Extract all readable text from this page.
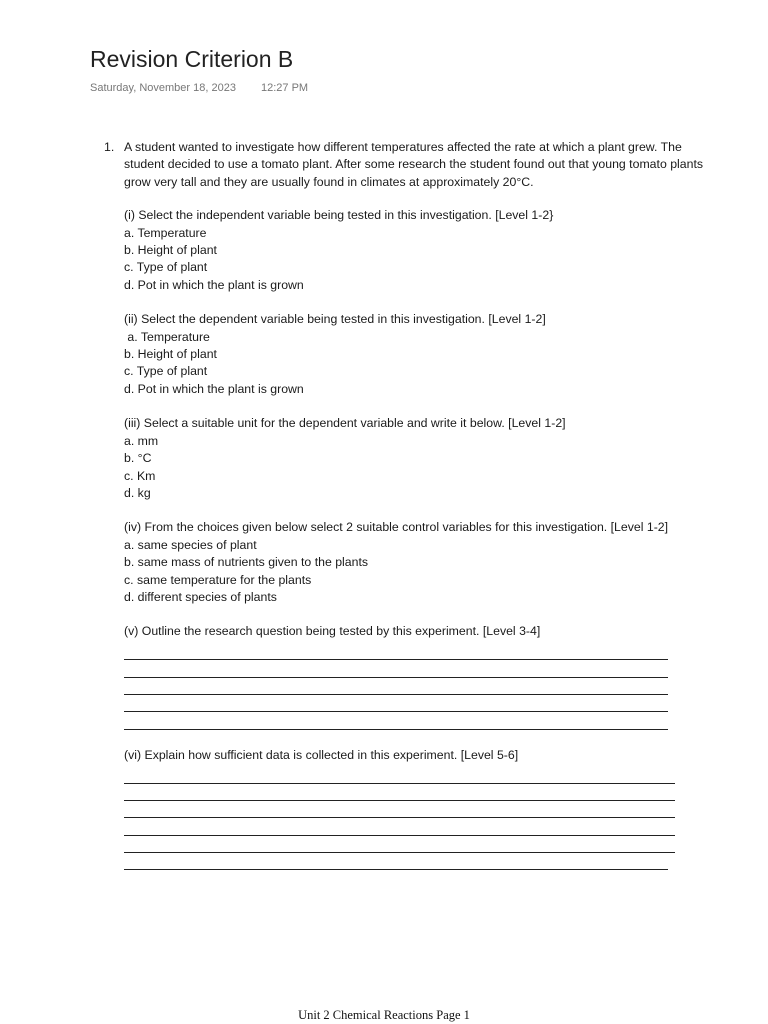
Revision Criterion B
Saturday, November 18, 2023 12:27 PM
1. A student wanted to investigate how different temperatures affected the rate at which a plant grew. The student decided to use a tomato plant. After some research the student found out that young tomato plants grow very tall and they are usually found in climates at approximately 20°C.

(i) Select the independent variable being tested in this investigation. [Level 1-2}
a. Temperature
b. Height of plant
c. Type of plant
d. Pot in which the plant is grown
(ii) Select the dependent variable being tested in this investigation. [Level 1-2]
a. Temperature
b. Height of plant
c. Type of plant
d. Pot in which the plant is grown
(iii) Select a suitable unit for the dependent variable and write it below. [Level 1-2]
a. mm
b. °C
c. Km
d. kg
(iv) From the choices given below select 2 suitable control variables for this investigation. [Level 1-2]
a. same species of plant
b. same mass of nutrients given to the plants
c. same temperature for the plants
d. different species of plants
(v) Outline the research question being tested by this experiment. [Level 3-4]
(vi) Explain how sufficient data is collected in this experiment. [Level 5-6]
Unit 2 Chemical Reactions Page 1
